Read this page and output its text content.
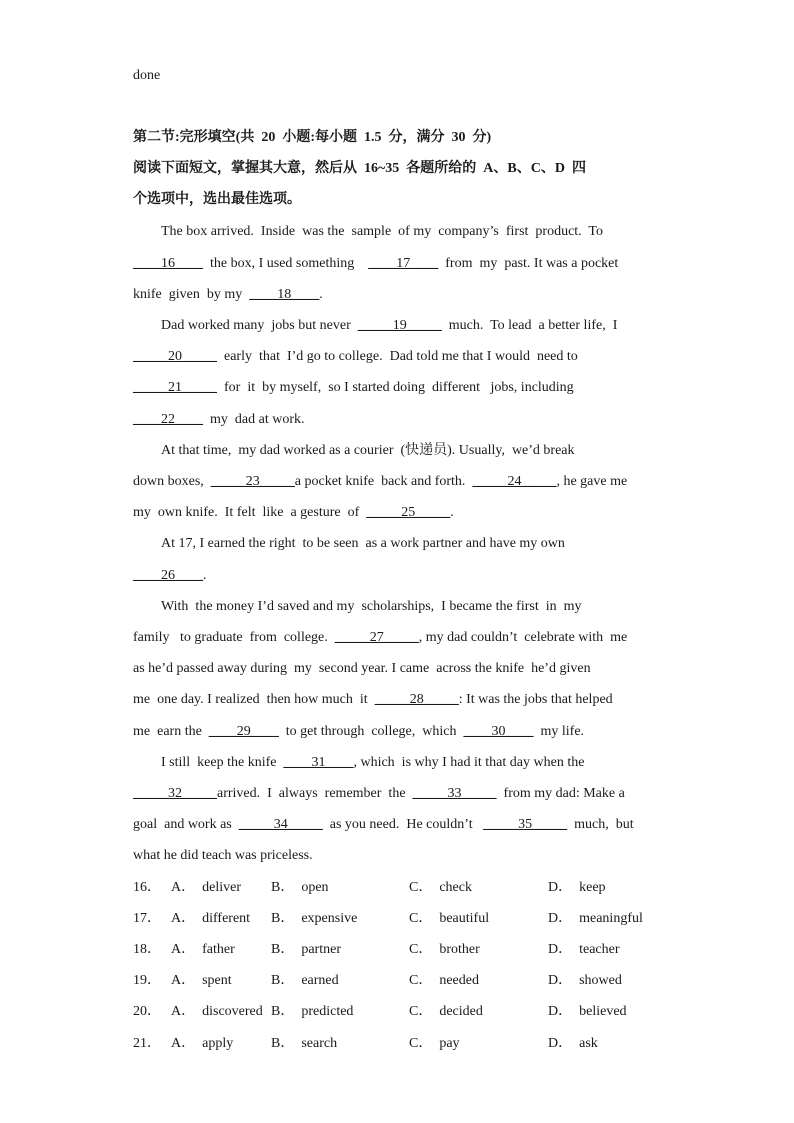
done
第二节:完形填空(共  20  小题:每小题  1.5  分，满分  30  分)
阅读下面短文，掌握其大意，然后从  16~35  各题所给的  A、B、C、D  四
个选项中，选出最佳选项。
The box arrived.  Inside  was the  sample  of my  company’s  first  product.  To
____16____  the box, I used something    ____17____  from  my  past. It was a pocket
knife  given  by my  ____18____.
Dad worked many  jobs but never  _____19_____  much.  To lead  a better life,  I
_____20_____  early  that  I’d go to college.  Dad told me that I would  need to
_____21_____  for  it  by myself,  so I started doing  different   jobs, including
____22____  my  dad at work.
At that time,  my dad worked as a courier  (快递员). Usually,  we’d break
down boxes,  _____23_____a pocket knife  back and forth.  _____24_____, he gave me
my  own knife.  It felt  like  a gesture  of  _____25_____.
At 17, I earned the right  to be seen  as a work partner and have my own
____26____.
With  the money I’d saved and my  scholarships,  I became the first  in  my
family   to graduate  from  college.  _____27_____, my dad couldn’t  celebrate with  me
as he’d passed away during  my  second year. I came  across the knife  he’d given
me  one day. I realized  then how much  it  _____28_____: It was the jobs that helped
me  earn the  ____29____  to get through  college,  which  ____30____  my life.
I still  keep the knife  ____31____, which  is why I had it that day when the
_____32_____arrived.  I  always  remember  the  _____33_____  from my dad: Make a
goal  and work as  _____34_____  as you need.  He couldn’t   _____35_____  much,  but
what he did teach was priceless.
16． A．  deliver B．  open	C．  check	D．  keep
17． A．  different B．  expensive	C．  beautiful	D．  meaningful
18． A．  father	B．  partner	C．  brother	D．  teacher
19． A．  spent	B．  earned	C．  needed	D．  showed
20． A．  discovered B．  predicted	C．  decided	D．  believed
21． A．  apply	B．  search	C．  pay	D．  ask
